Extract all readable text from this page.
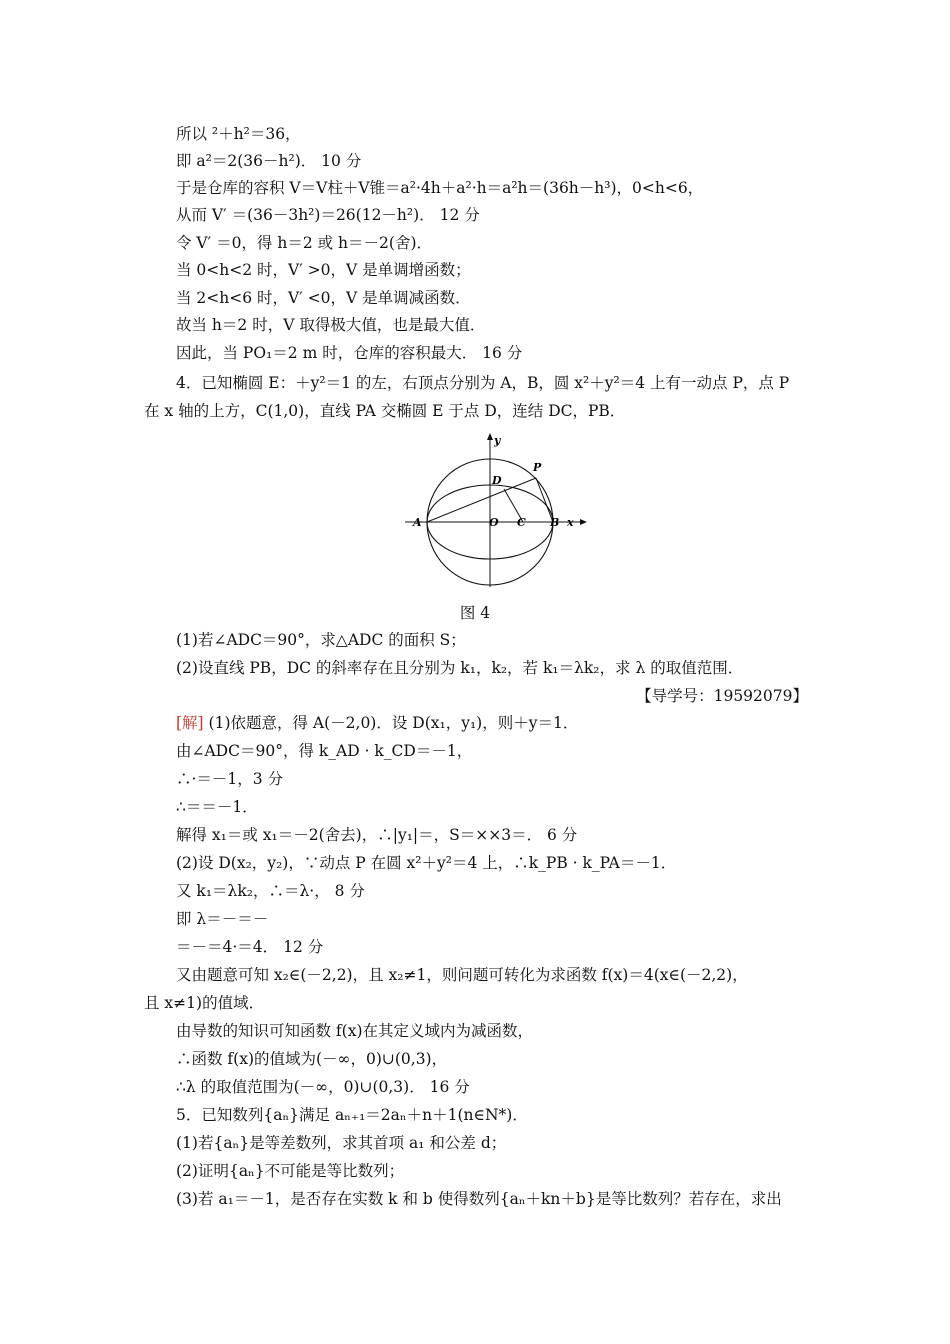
所以 ²＋h²＝36，
即 a²＝2(36－h²)． 10 分
于是仓库的容积 V＝V柱＋V锥＝a²·4h＋a²·h＝a²h＝(36h－h³)，0<h<6，
从而 V′ ＝(36－3h²)＝26(12－h²)． 12 分
令 V′ ＝0，得 h＝2 或 h＝－2(舍)．
当 0<h<2 时，V′ >0，V 是单调增函数；
当 2<h<6 时，V′ <0，V 是单调减函数．
故当 h＝2 时，V 取得极大值，也是最大值．
因此，当 PO₁＝2 m 时，仓库的容积最大． 16 分
4．已知椭圆 E：＋y²＝1 的左，右顶点分别为 A，B，圆 x²＋y²＝4 上有一动点 P，点 P
在 x 轴的上方，C(1,0)，直线 PA 交椭圆 E 于点 D，连结 DC，PB．
y
x
A	B
O C
D
P
图 4
(1)若∠ADC＝90°，求△ADC 的面积 S；
(2)设直线 PB，DC 的斜率存在且分别为 k₁，k₂，若 k₁＝λk₂，求 λ 的取值范围．
【导学号：19592079】
[解] (1)依题意，得 A(－2,0)．设 D(x₁，y₁)，则＋y＝1．
由∠ADC＝90°，得 k_AD · k_CD＝－1，
∴·＝－1，3 分
∴＝＝－1．
解得 x₁＝或 x₁＝－2(舍去)，∴|y₁|＝，S＝××3＝． 6 分
(2)设 D(x₂，y₂)，∵动点 P 在圆 x²＋y²＝4 上，∴k_PB · k_PA＝－1．
又 k₁＝λk₂，∴＝λ·， 8 分
即 λ＝－＝－
＝－＝4·＝4． 12 分
又由题意可知 x₂∈(－2,2)，且 x₂≠1，则问题可转化为求函数 f(x)＝4(x∈(－2,2)，
且 x≠1)的值域．
由导数的知识可知函数 f(x)在其定义域内为减函数，
∴函数 f(x)的值域为(－∞，0)∪(0,3)，
∴λ 的取值范围为(－∞，0)∪(0,3)． 16 分
5．已知数列{aₙ}满足 aₙ₊₁＝2aₙ＋n＋1(n∈N*)．
(1)若{aₙ}是等差数列，求其首项 a₁ 和公差 d；
(2)证明{aₙ}不可能是等比数列；
(3)若 a₁＝－1，是否存在实数 k 和 b 使得数列{aₙ＋kn＋b}是等比数列？若存在，求出
